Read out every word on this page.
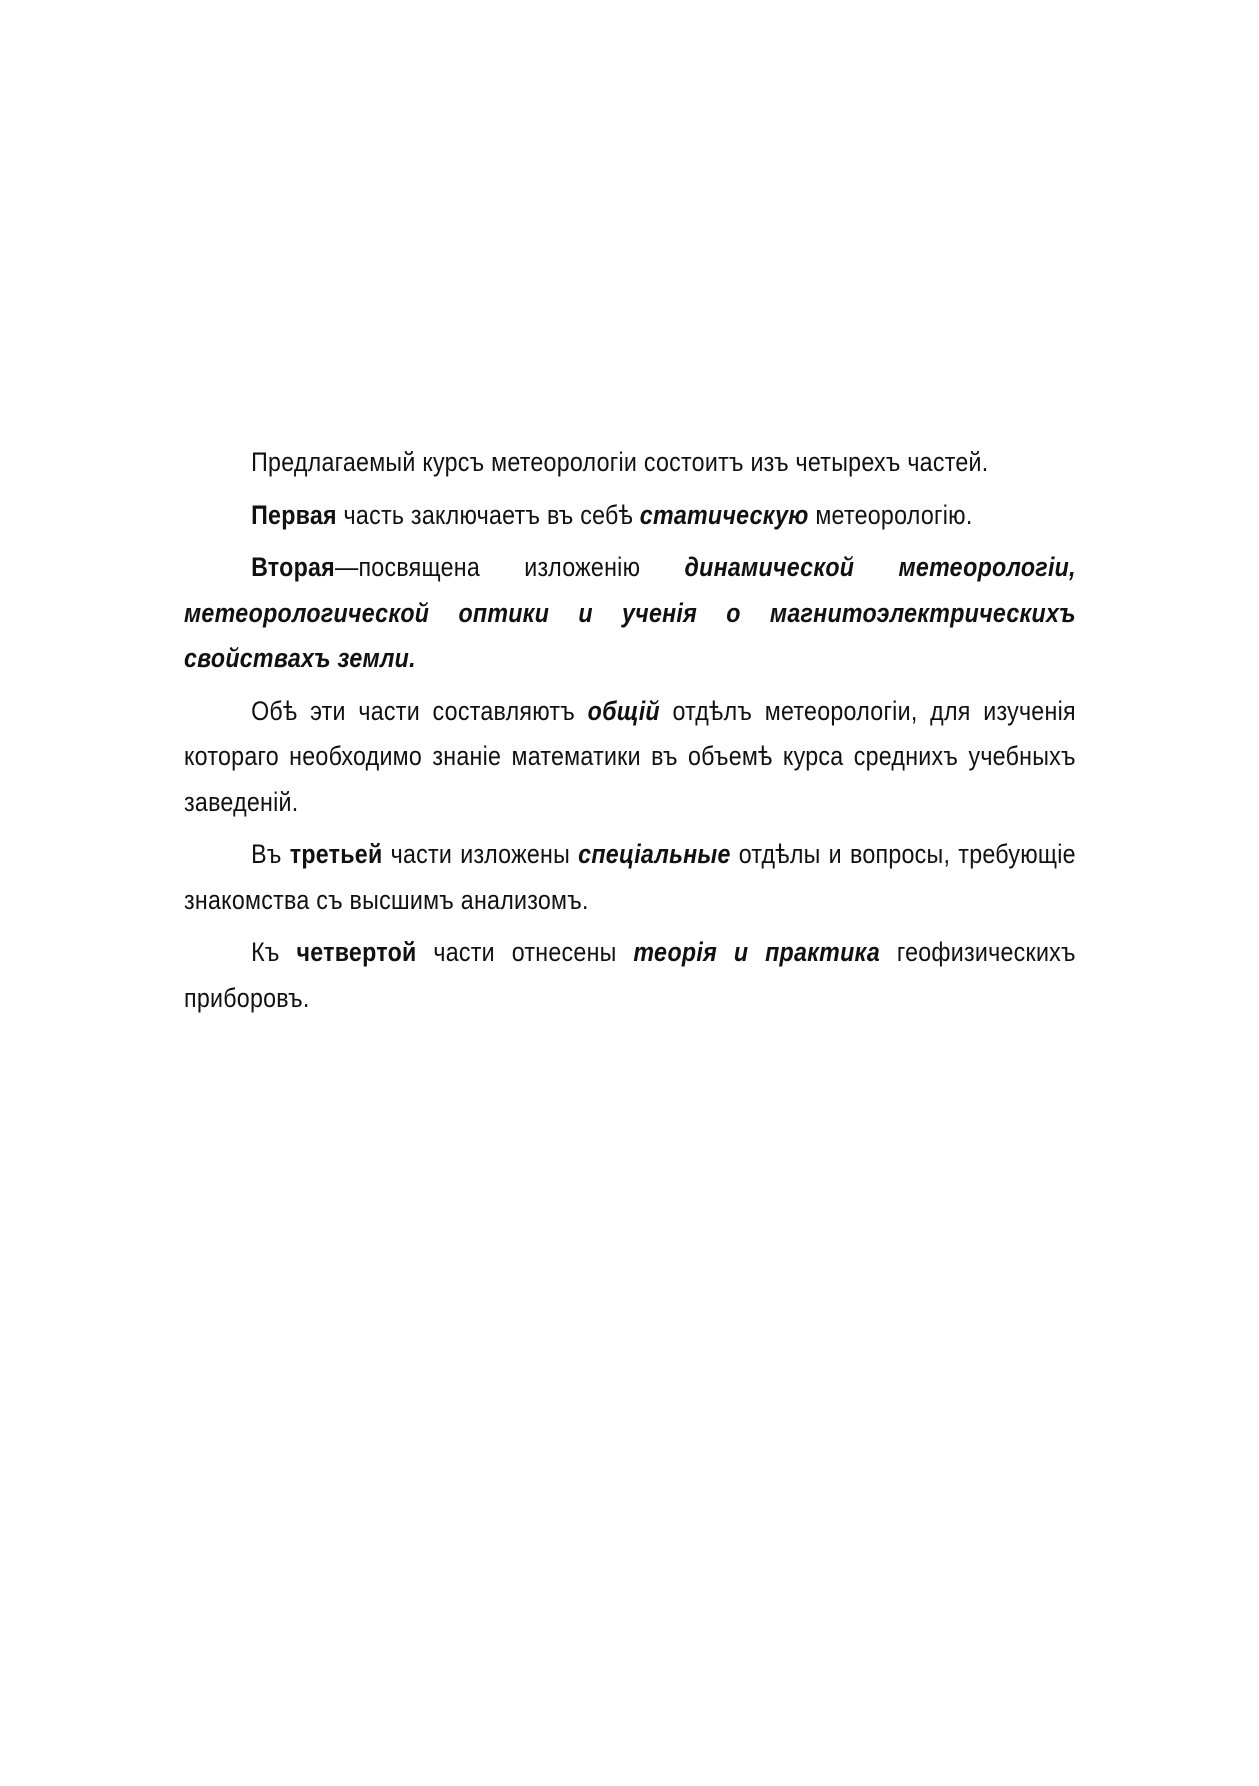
Предлагаемый курсъ метеорологіи состоитъ изъ четырехъ частей.

Первая часть заключаетъ въ себѣ статическую метеорологію.

Вторая—посвящена изложенію динамической метеорологіи, метеорологической оптики и ученія о магнитоэлектрическихъ свойствахъ земли.

Обѣ эти части составляютъ общій отдѣлъ метеорологіи, для изученія котораго необходимо знаніе математики въ объемѣ курса среднихъ учебныхъ заведеній.

Въ третьей части изложены спеціальные отдѣлы и вопросы, требующіе знакомства съ высшимъ анализомъ.

Къ четвертой части отнесены теорія и практика геофизическихъ приборовъ.
